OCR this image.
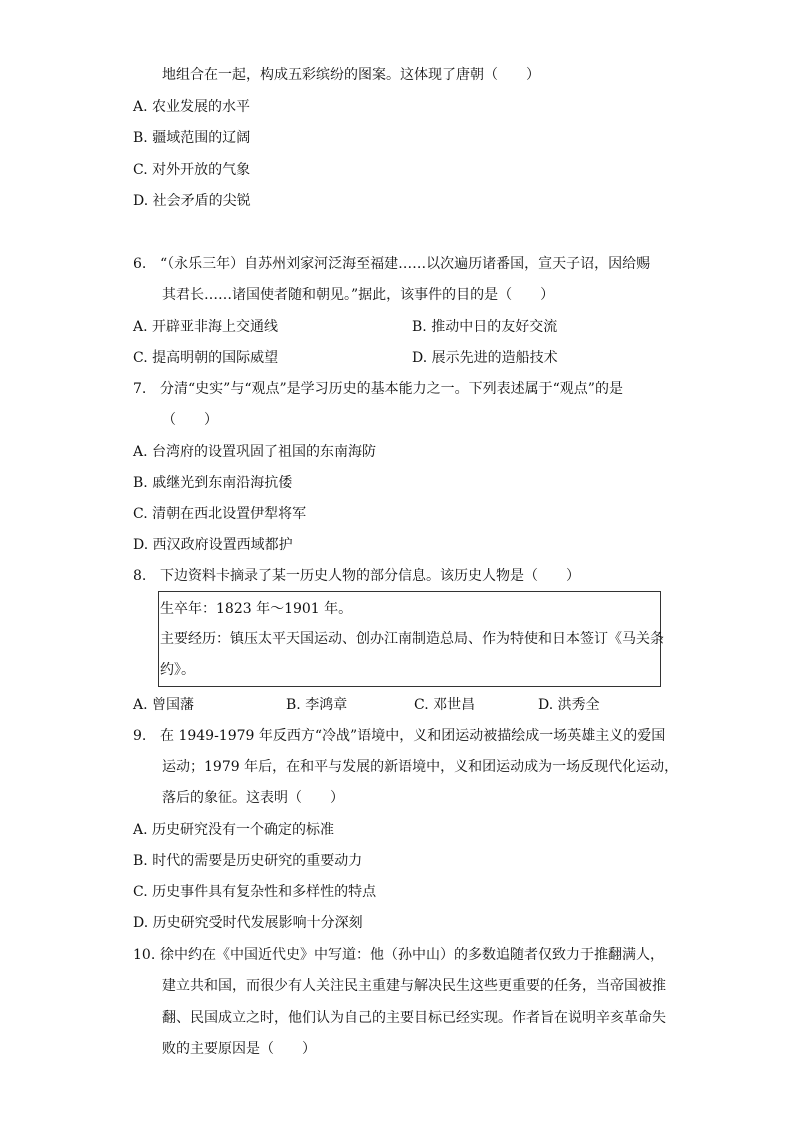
地组合在一起，构成五彩缤纷的图案。这体现了唐朝（　　）
A. 农业发展的水平
B. 疆域范围的辽阔
C. 对外开放的气象
D. 社会矛盾的尖锐
6. “（永乐三年）自苏州刘家河泛海至福建……以次遍历诸番国，宣天子诏，因给赐
其君长……诸国使者随和朝见。”据此，该事件的目的是（　　）
A. 开辟亚非海上交通线	B. 推动中日的友好交流
C. 提高明朝的国际威望	D. 展示先进的造船技术
7. 分清“史实”与“观点”是学习历史的基本能力之一。下列表述属于“观点”的是
（　　）
A. 台湾府的设置巩固了祖国的东南海防
B. 戚继光到东南沿海抗倭
C. 清朝在西北设置伊犁将军
D. 西汉政府设置西域都护
8. 下边资料卡摘录了某一历史人物的部分信息。该历史人物是（　　）
生卒年：1823 年～1901 年。
主要经历：镇压太平天国运动、创办江南制造总局、作为特使和日本签订《马关条
约》。
A. 曾国藩	B. 李鸿章	C. 邓世昌	D. 洪秀全
9. 在 1949-1979 年反西方“冷战”语境中，义和团运动被描绘成一场英雄主义的爱国
运动；1979 年后，在和平与发展的新语境中，义和团运动成为一场反现代化运动，
落后的象征。这表明（　　）
A. 历史研究没有一个确定的标准
B. 时代的需要是历史研究的重要动力
C. 历史事件具有复杂性和多样性的特点
D. 历史研究受时代发展影响十分深刻
10. 徐中约在《中国近代史》中写道：他（孙中山）的多数追随者仅致力于推翻满人，
建立共和国，而很少有人关注民主重建与解决民生这些更重要的任务，当帝国被推
翻、民国成立之时，他们认为自己的主要目标已经实现。作者旨在说明辛亥革命失
败的主要原因是（　　）
